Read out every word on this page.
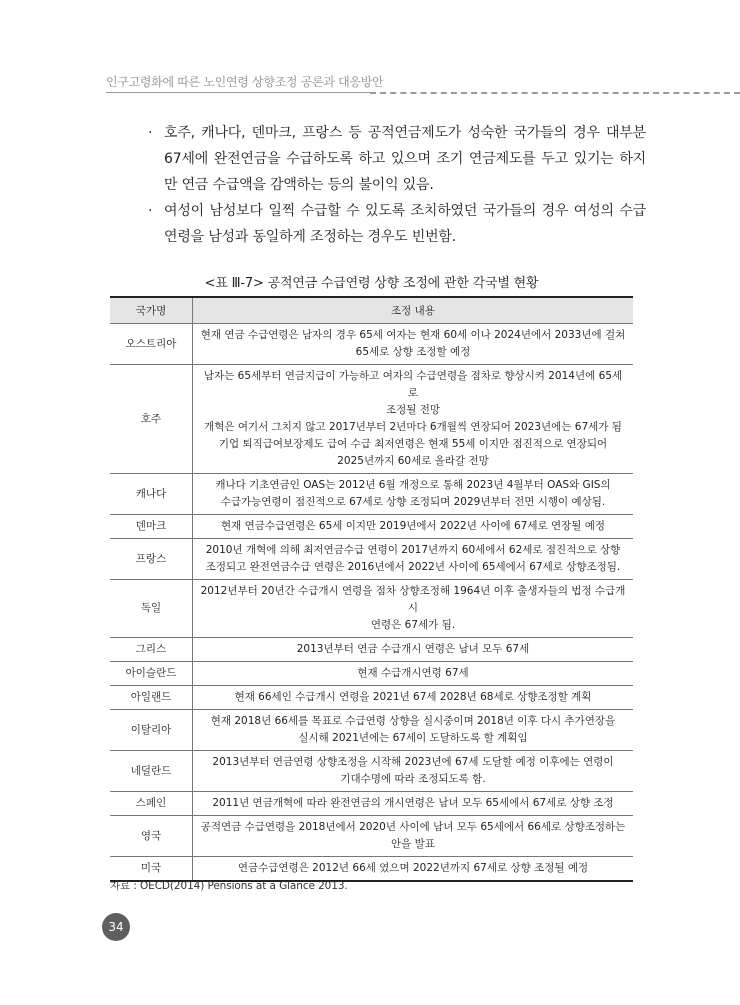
인구고령화에 따른 노인연령 상향조정 공론과 대응방안
· 호주, 캐나다, 덴마크, 프랑스 등 공적연금제도가 성숙한 국가들의 경우 대부분 67세에 완전연금을 수급하도록 하고 있으며 조기 연금제도를 두고 있기는 하지만 연금 수급액을 감액하는 등의 불이익 있음.
· 여성이 남성보다 일찍 수급할 수 있도록 조치하였던 국가들의 경우 여성의 수급연령을 남성과 동일하게 조정하는 경우도 빈번함.
<표 Ⅲ-7> 공적연금 수급연령 상향 조정에 관한 각국별 현황
국가명	조정 내용
오스트리아	현재 연금 수급연령은 남자의 경우 65세 여자는 현재 60세 이나 2024년에서 2033년에 걸쳐
65세로 상향 조정할 예정

호주	남자는 65세부터 연금지급이 가능하고 여자의 수급연령을 점차로 향상시켜 2014년에 65세로
조정될 전망
개혁은 여기서 그치지 않고 2017년부터 2년마다 6개월씩 연장되어 2023년에는 67세가 됨
기업 퇴직급여보장제도 급여 수급 최저연령은 현재 55세 이지만 점진적으로 연장되어
2025년까지 60세로 올라갈 전망

캐나다	캐나다 기초연금인 OAS는 2012년 6월 개정으로 통해 2023년 4월부터 OAS와 GIS의
수급가능연령이 점진적으로 67세로 상향 조정되며 2029년부터 전면 시행이 예상됨.

덴마크	현재 연금수급연령은 65세 이지만 2019년에서 2022년 사이에 67세로 연장될 예정

프랑스	2010년 개혁에 의해 최저연금수급 연령이 2017년까지 60세에서 62세로 점진적으로 상향
조정되고 완전연금수급 연령은 2016년에서 2022년 사이에 65세에서 67세로 상향조정됨.

독일	2012년부터 20년간 수급개시 연령을 점차 상향조정해 1964년 이후 출생자들의 법정 수급개시
연령은 67세가 됨.

그리스	2013년부터 연금 수급개시 연령은 남녀 모두 67세

아이슬란드	현재 수급개시연령 67세

아일랜드	현재 66세인 수급개시 연령을 2021년 67세 2028년 68세로 상향조정할 계획

이탈리아	현재 2018년 66세를 목표로 수급연령 상향을 실시중이며 2018년 이후 다시 추가연장을
실시해 2021년에는 67세이 도달하도록 할 계획임

네덜란드	2013년부터 연금연령 상향조정을 시작해 2023년에 67세 도달할 예정 이후에는 연령이
기대수명에 따라 조정되도록 함.

스페인	2011년 연금개혁에 따라 완전연금의 개시연령은 남녀 모두 65세에서 67세로 상향 조정

영국	공적연금 수급연령을 2018년에서 2020년 사이에 남녀 모두 65세에서 66세로 상향조정하는
안을 발표

미국	연금수급연령은 2012년 66세 였으며 2022년까지 67세로 상향 조정될 예정
자료 : OECD(2014) Pensions at a Glance 2013.
34
